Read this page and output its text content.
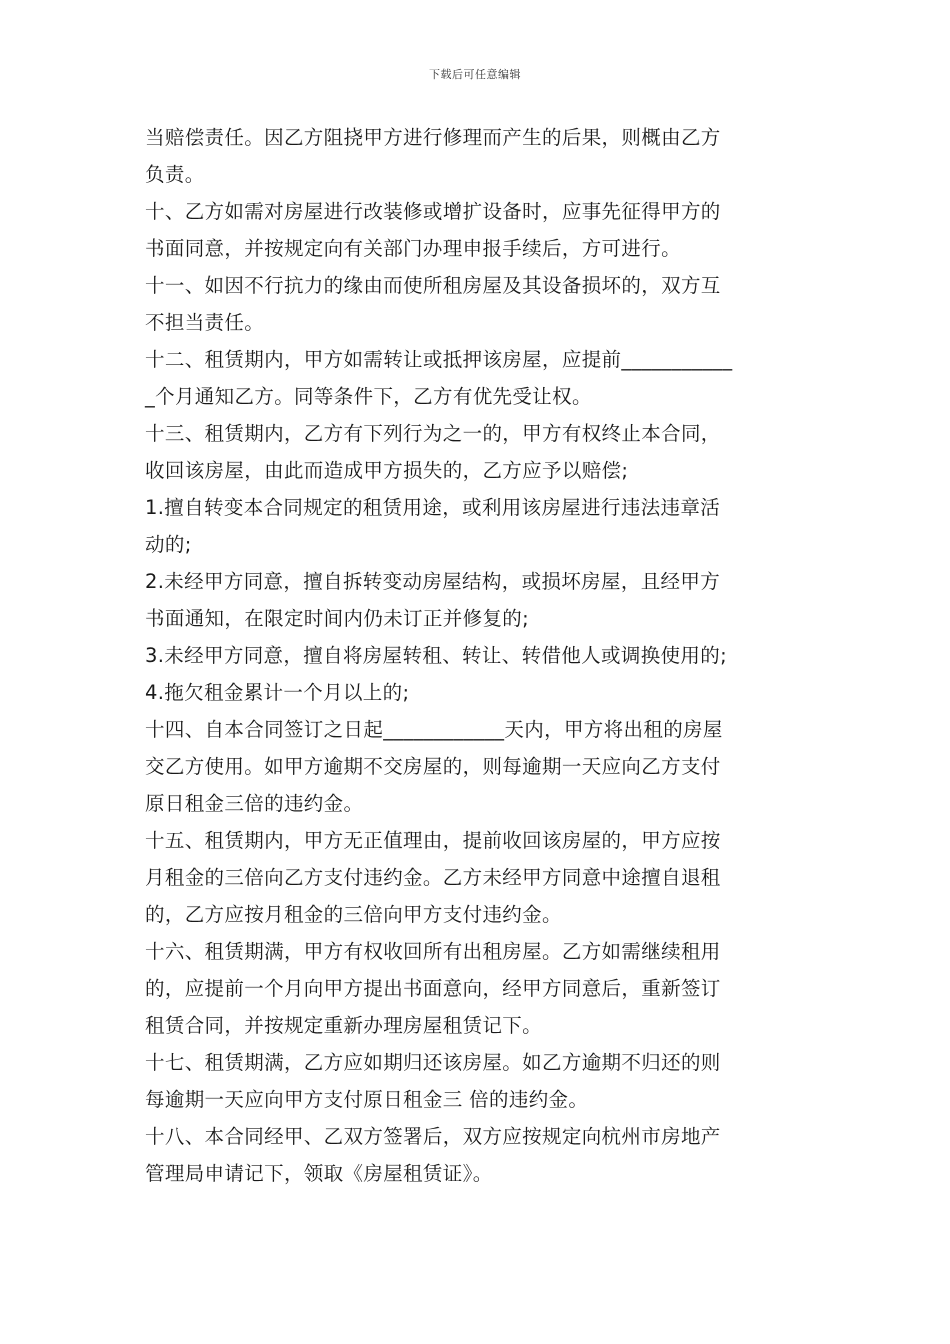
下载后可任意编辑
当赔偿责任。因乙方阻挠甲方进行修理而产生的后果，则概由乙方
负责。
十、乙方如需对房屋进行改装修或增扩设备时，应事先征得甲方的
书面同意，并按规定向有关部门办理申报手续后，方可进行。
十一、如因不行抗力的缘由而使所租房屋及其设备损坏的，双方互
不担当责任。
十二、租赁期内，甲方如需转让或抵押该房屋，应提前___________
_个月通知乙方。同等条件下，乙方有优先受让权。
十三、租赁期内，乙方有下列行为之一的，甲方有权终止本合同，
收回该房屋，由此而造成甲方损失的，乙方应予以赔偿;
1.擅自转变本合同规定的租赁用途，或利用该房屋进行违法违章活
动的;
2.未经甲方同意，擅自拆转变动房屋结构，或损坏房屋，且经甲方
书面通知，在限定时间内仍未订正并修复的;
3.未经甲方同意，擅自将房屋转租、转让、转借他人或调换使用的;
4.拖欠租金累计一个月以上的;
十四、自本合同签订之日起____________天内，甲方将出租的房屋
交乙方使用。如甲方逾期不交房屋的，则每逾期一天应向乙方支付
原日租金三倍的违约金。
十五、租赁期内，甲方无正值理由，提前收回该房屋的，甲方应按
月租金的三倍向乙方支付违约金。乙方未经甲方同意中途擅自退租
的，乙方应按月租金的三倍向甲方支付违约金。
十六、租赁期满，甲方有权收回所有出租房屋。乙方如需继续租用
的，应提前一个月向甲方提出书面意向，经甲方同意后，重新签订
租赁合同，并按规定重新办理房屋租赁记下。
十七、租赁期满，乙方应如期归还该房屋。如乙方逾期不归还的则
每逾期一天应向甲方支付原日租金三 倍的违约金。
十八、本合同经甲、乙双方签署后，双方应按规定向杭州市房地产
管理局申请记下，领取《房屋租赁证》。
